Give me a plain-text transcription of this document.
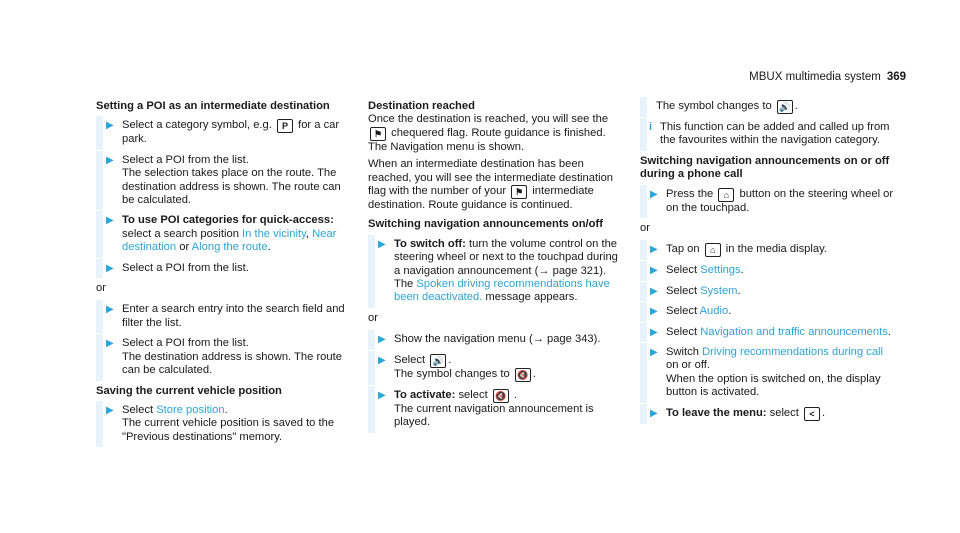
MBUX multimedia system 369
Setting a POI as an intermediate destination
▶ Select a category symbol, e.g. P for a car park.
▶ Select a POI from the list.
The selection takes place on the route. The destination address is shown. The route can be calculated.
▶ To use POI categories for quick-access: select a search position In the vicinity, Near destination or Along the route.
▶ Select a POI from the list.
or
▶ Enter a search entry into the search field and filter the list.
▶ Select a POI from the list.
The destination address is shown. The route can be calculated.
Saving the current vehicle position
▶ Select Store position.
The current vehicle position is saved to the "Previous destinations" memory.
Destination reached
Once the destination is reached, you will see the ⚑ chequered flag. Route guidance is finished. The Navigation menu is shown.
When an intermediate destination has been reached, you will see the intermediate destination flag with the number of your ⚑ intermediate destination. Route guidance is continued.
Switching navigation announcements on/off
▶ To switch off: turn the volume control on the steering wheel or next to the touchpad during a navigation announcement (→ page 321).
The Spoken driving recommendations have been deactivated. message appears.
or
▶ Show the navigation menu (→ page 343).
▶ Select 🔊 .
The symbol changes to 🔇 .
▶ To activate: select 🔇 .
The current navigation announcement is played.
The symbol changes to 🔊 .
i This function can be added and called up from the favourites within the navigation category.
Switching navigation announcements on or off during a phone call
▶ Press the ⌂ button on the steering wheel or on the touchpad.
or
▶ Tap on ⌂ in the media display.
▶ Select Settings.
▶ Select System.
▶ Select Audio.
▶ Select Navigation and traffic announcements.
▶ Switch Driving recommendations during call on or off.
When the option is switched on, the display button is activated.
▶ To leave the menu: select < .
